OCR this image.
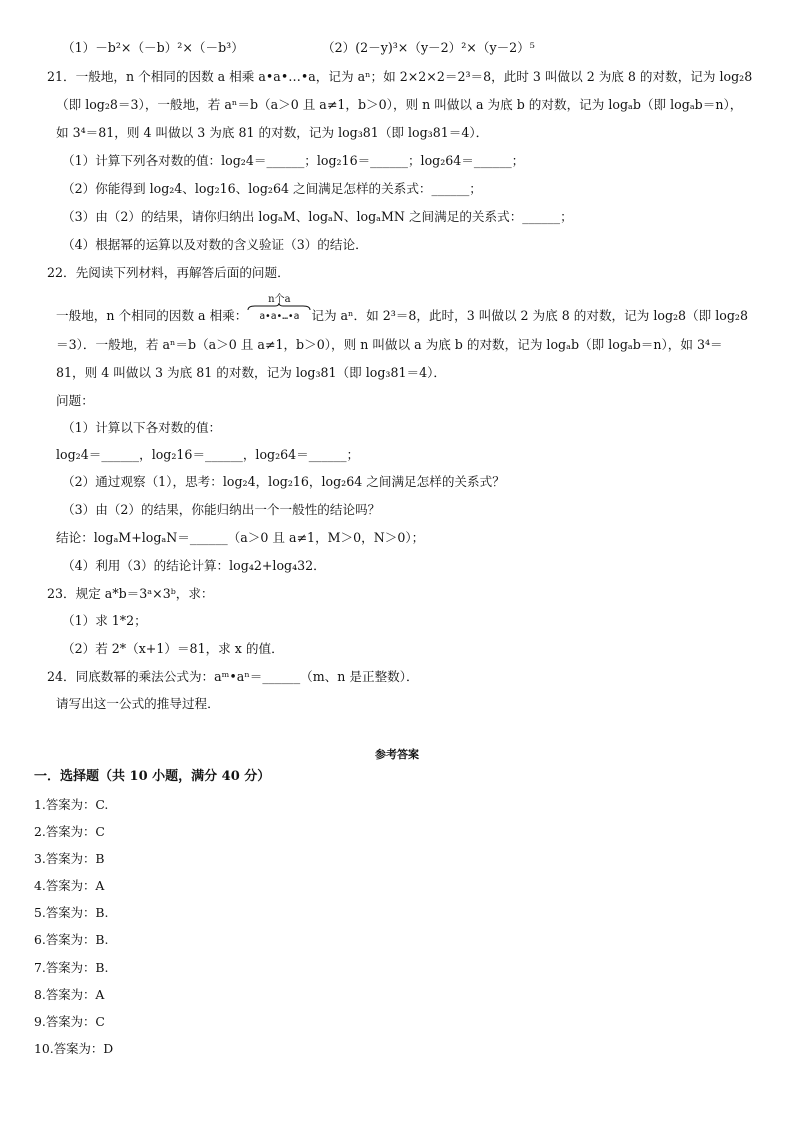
（1）－b²×（－b）²×（－b³）	（2）(2－y)³×（y－2）²×（y－2）⁵
21．一般地，n 个相同的因数 a 相乘 a•a•…•a，记为 aⁿ；如 2×2×2＝2³＝8，此时 3 叫做以 2 为底 8 的对数，记为 log₂8
（即 log₂8＝3），一般地，若 aⁿ＝b（a＞0 且 a≠1，b＞0），则 n 叫做以 a 为底 b 的对数，记为 logₐb（即 logₐb＝n），
如 3⁴＝81，则 4 叫做以 3 为底 81 的对数，记为 log₃81（即 log₃81＝4）．
（1）计算下列各对数的值：log₂4＝______；log₂16＝______；log₂64＝______；
（2）你能得到 log₂4、log₂16、log₂64 之间满足怎样的关系式：______；
（3）由（2）的结果，请你归纳出 logₐM、logₐN、logₐMN 之间满足的关系式：______；
（4）根据幂的运算以及对数的含义验证（3）的结论．
22．先阅读下列材料，再解答后面的问题．
一般地，n 个相同的因数 a 相乘：
n个a
a•a•…•a 记为 aⁿ．如 2³＝8，此时，3 叫做以 2 为底 8 的对数，记为 log₂8（即 log₂8
＝3）．一般地，若 aⁿ＝b（a＞0 且 a≠1，b＞0），则 n 叫做以 a 为底 b 的对数，记为 logₐb（即 logₐb＝n），如 3⁴＝
81，则 4 叫做以 3 为底 81 的对数，记为 log₃81（即 log₃81＝4）．
问题：
（1）计算以下各对数的值：
log₂4＝______，log₂16＝______，log₂64＝______；
（2）通过观察（1），思考：log₂4，log₂16，log₂64 之间满足怎样的关系式？
（3）由（2）的结果，你能归纳出一个一般性的结论吗？
结论：logₐM+logₐN＝______（a＞0 且 a≠1，M＞0，N＞0）；
（4）利用（3）的结论计算：log₄2+log₄32．
23．规定 a*b＝3ᵃ×3ᵇ，求：
（1）求 1*2；
（2）若 2*（x+1）＝81，求 x 的值．
24．同底数幂的乘法公式为：aᵐ•aⁿ＝______（m、n 是正整数）．
请写出这一公式的推导过程．
参考答案
一．选择题（共 10 小题，满分 40 分）
1.答案为：C.
2.答案为：C
3.答案为：B
4.答案为：A
5.答案为：B.
6.答案为：B.
7.答案为：B.
8.答案为：A
9.答案为：C
10.答案为：D
